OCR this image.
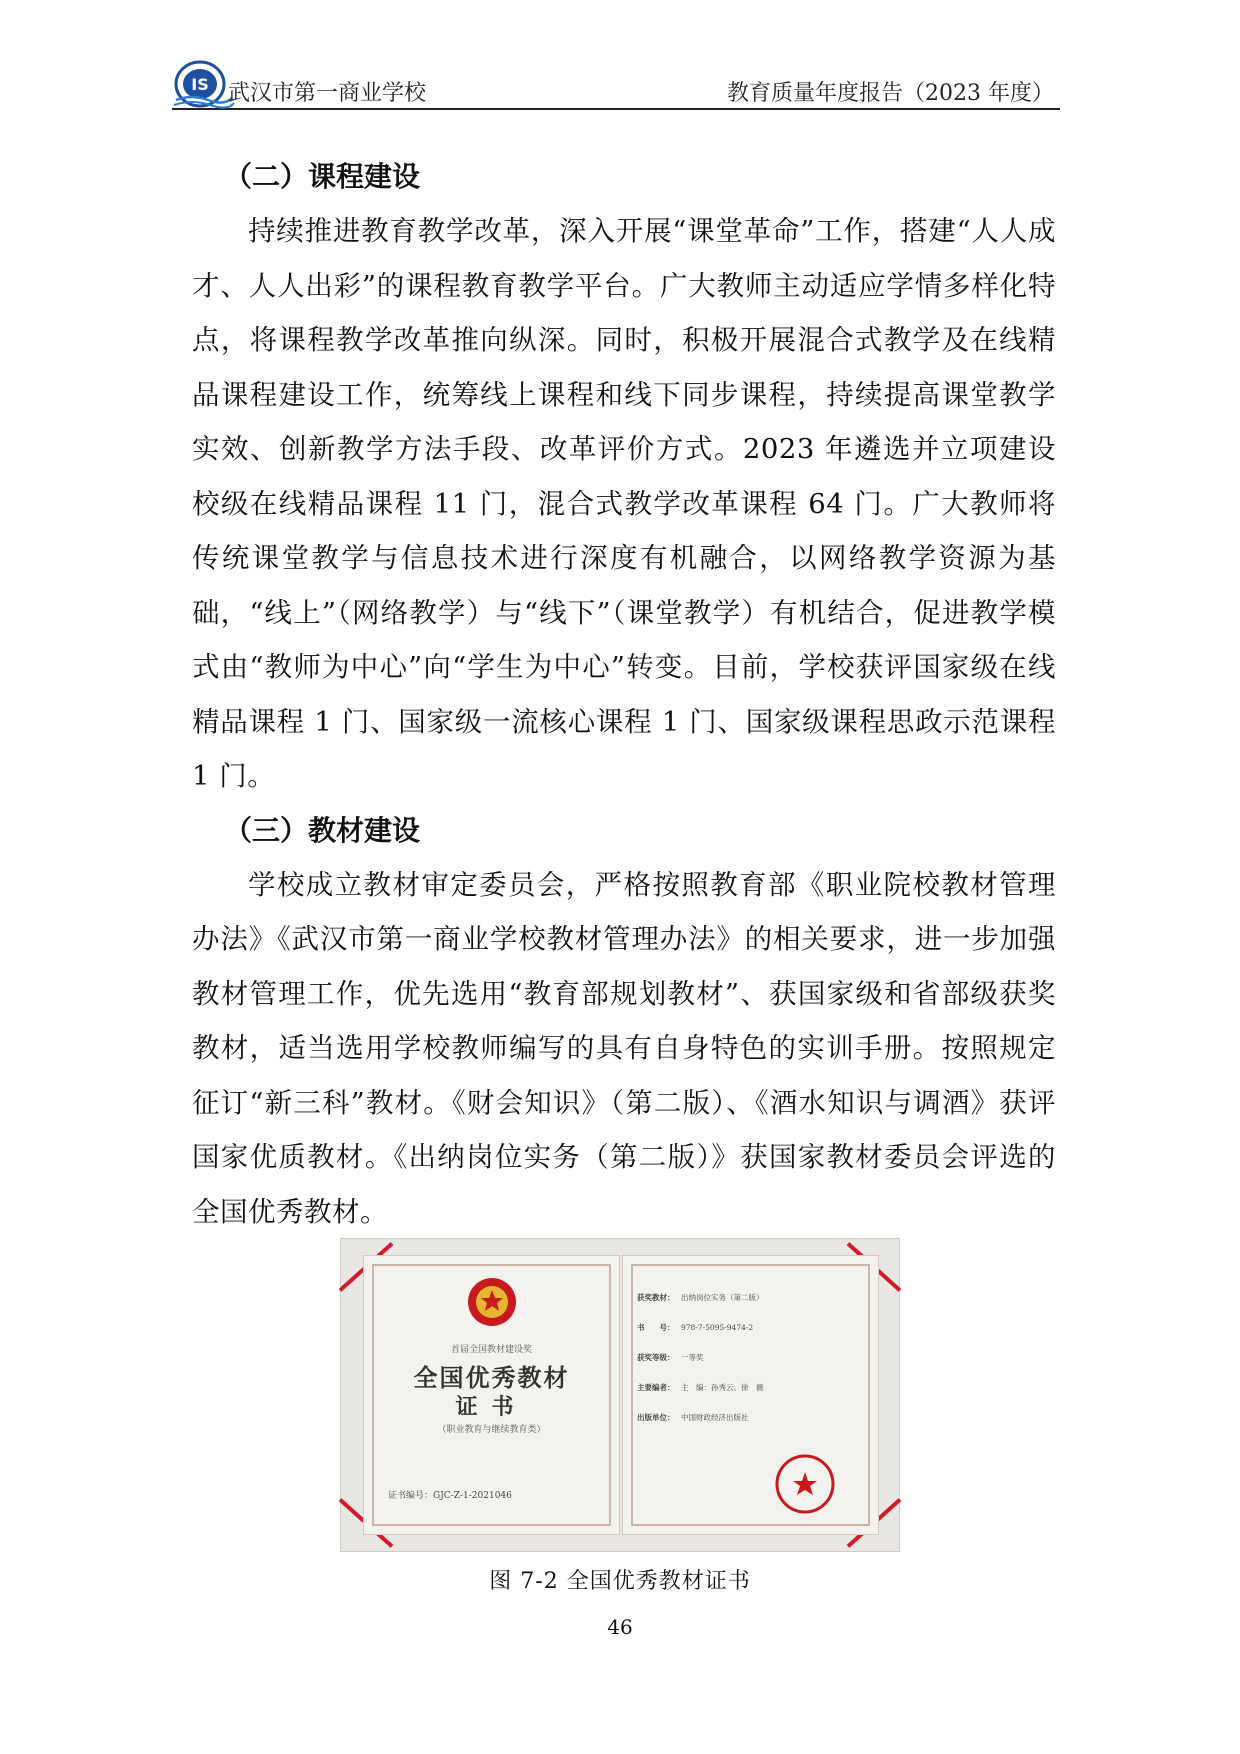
IS 武汉市第一商业学校	教育质量年度报告（2023 年度）
（二）课程建设

持续推进教育教学改革，深入开展“课堂革命”工作，搭建“人人成才、人人出彩”的课程教育教学平台。广大教师主动适应学情多样化特点，将课程教学改革推向纵深。同时，积极开展混合式教学及在线精品课程建设工作，统筹线上课程和线下同步课程，持续提高课堂教学实效、创新教学方法手段、改革评价方式。2023 年遴选并立项建设校级在线精品课程 11 门，混合式教学改革课程 64 门。广大教师将传统课堂教学与信息技术进行深度有机融合，以网络教学资源为基础，“线上”（网络教学）与“线下”（课堂教学）有机结合，促进教学模式由“教师为中心”向“学生为中心”转变。目前，学校获评国家级在线精品课程 1 门、国家级一流核心课程 1 门、国家级课程思政示范课程 1 门。

（三）教材建设

学校成立教材审定委员会，严格按照教育部《职业院校教材管理办法》《武汉市第一商业学校教材管理办法》的相关要求，进一步加强教材管理工作，优先选用“教育部规划教材”、获国家级和省部级获奖教材，适当选用学校教师编写的具有自身特色的实训手册。按照规定征订“新三科”教材。《财会知识》（第二版）、《酒水知识与调酒》获评国家优质教材。《出纳岗位实务（第二版）》获国家教材委员会评选的全国优秀教材。

首届全国教材建设奖
全国优秀教材
证书
（职业教育与继续教育类）
证书编号：GJC-Z-1-2021046
获奖教材： 出纳岗位实务（第二版）
书　　号： 978-7-5095-9474-2
获奖等级： 一等奖
主要编者： 主　编：孙秀云、徐　薇
出版单位： 中国财政经济出版社
图 7-2 全国优秀教材证书
46
